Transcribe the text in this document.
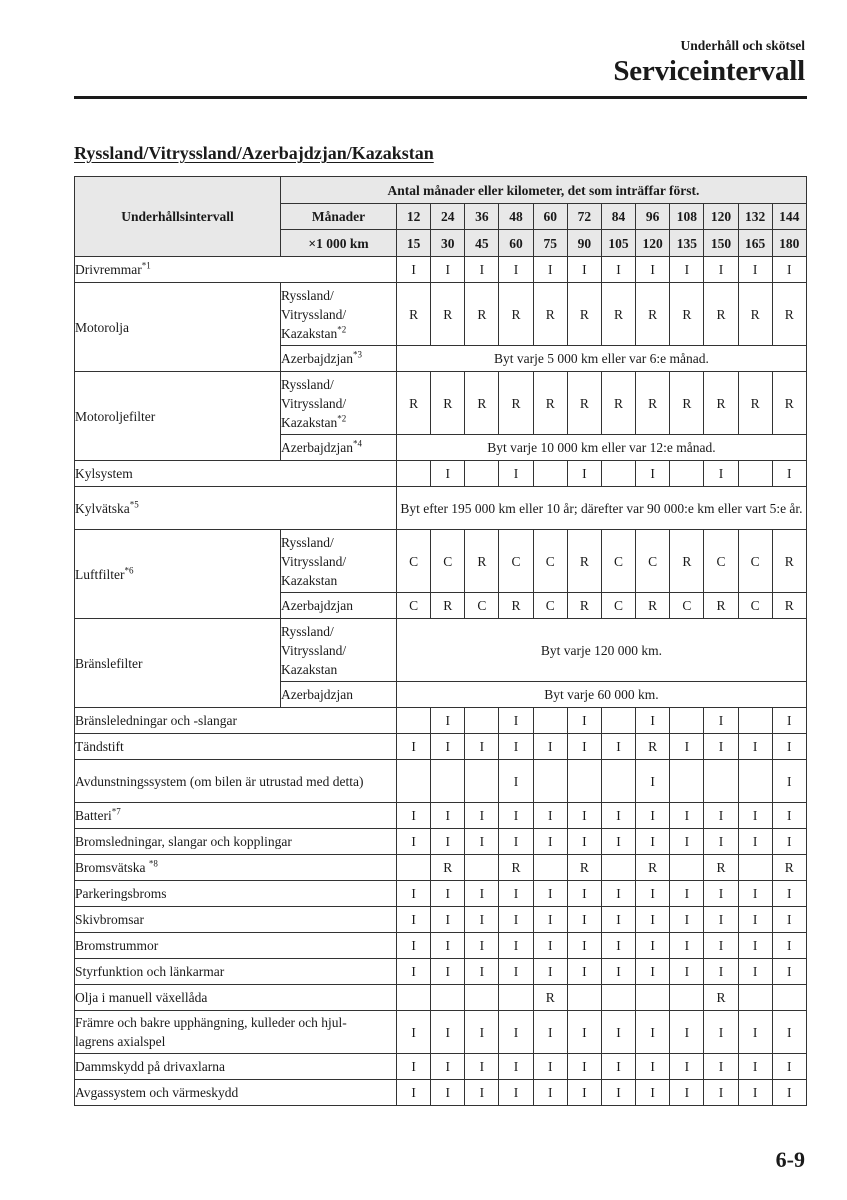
Underhåll och skötsel
Serviceintervall
Ryssland/Vitryssland/Azerbajdzjan/Kazakstan
Underhållsintervall	Antal månader eller kilometer, det som inträffar först.												
	Månader	12	24	36	48	60	72	84	96	108	120	132	144
	×1 000 km	15	30	45	60	75	90	105	120	135	150	165	180
Drivremmar$^{*1}$		I	I	I	I	I	I	I	I	I	I	I	I
Motorolja	Ryssland/
Vitryssland/
Kazakstan$^{*2}$	R	R	R	R	R	R	R	R	R	R	R	R
	Azerbajdzjan$^{*3}$	Byt varje 5 000 km eller var 6:e månad.											
Motoroljefilter	Ryssland/
Vitryssland/
Kazakstan$^{*2}$	R	R	R	R	R	R	R	R	R	R	R	R
	Azerbajdzjan$^{*4}$	Byt varje 10 000 km eller var 12:e månad.											
Kylsystem			I		I		I		I		I		I
Kylvätska$^{*5}$		Byt efter 195 000 km eller 10 år; därefter var 90 000:e km eller vart 5:e år.											
Luftfilter$^{*6}$	Ryssland/
Vitryssland/
Kazakstan	C	C	R	C	C	R	C	C	R	C	C	R
	Azerbajdzjan	C	R	C	R	C	R	C	R	C	R	C	R
Bränslefilter	Ryssland/
Vitryssland/
Kazakstan	Byt varje 120 000 km.											
	Azerbajdzjan	Byt varje 60 000 km.											
Bränsleledningar och -slangar			I		I		I		I		I		I
Tändstift		I	I	I	I	I	I	I	R	I	I	I	I
Avdunstningssystem (om bilen är utrustad med detta)					I				I				I
Batteri$^{*7}$		I	I	I	I	I	I	I	I	I	I	I	I
Bromsledningar, slangar och kopplingar		I	I	I	I	I	I	I	I	I	I	I	I
Bromsvätska $^{*8}$			R		R		R		R		R		R
Parkeringsbroms		I	I	I	I	I	I	I	I	I	I	I	I
Skivbromsar		I	I	I	I	I	I	I	I	I	I	I	I
Bromstrummor		I	I	I	I	I	I	I	I	I	I	I	I
Styrfunktion och länkarmar		I	I	I	I	I	I	I	I	I	I	I	I
Olja i manuell växellåda						R					R		
Främre och bakre upphängning, kulleder och hjul-
lagrens axialspel		I	I	I	I	I	I	I	I	I	I	I	I
Dammskydd på drivaxlarna		I	I	I	I	I	I	I	I	I	I	I	I
Avgassystem och värmeskydd		I	I	I	I	I	I	I	I	I	I	I	I
6-9
